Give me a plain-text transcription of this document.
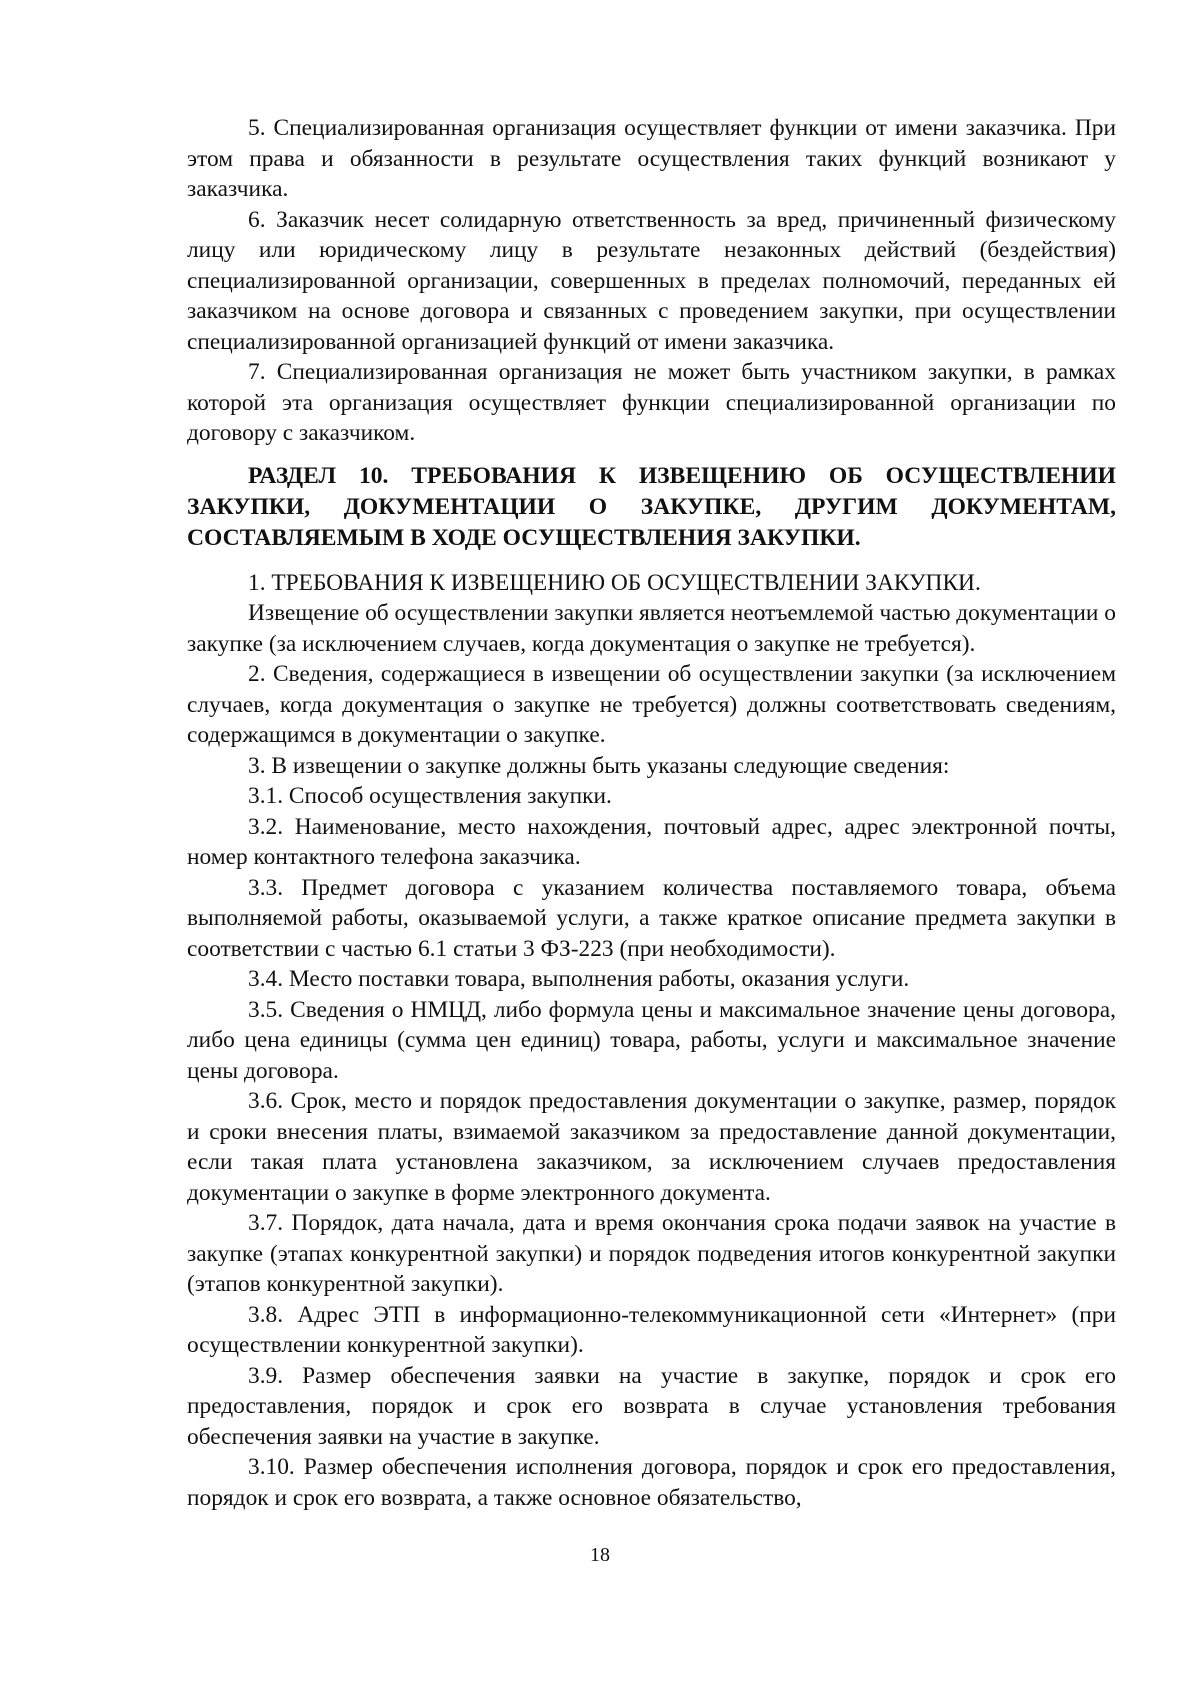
5. Специализированная организация осуществляет функции от имени заказчика. При этом права и обязанности в результате осуществления таких функций возникают у заказчика.

6. Заказчик несет солидарную ответственность за вред, причиненный физическому лицу или юридическому лицу в результате незаконных действий (бездействия) специализированной организации, совершенных в пределах полномочий, переданных ей заказчиком на основе договора и связанных с проведением закупки, при осуществлении специализированной организацией функций от имени заказчика.

7. Специализированная организация не может быть участником закупки, в рамках которой эта организация осуществляет функции специализированной организации по договору с заказчиком.

РАЗДЕЛ 10. ТРЕБОВАНИЯ К ИЗВЕЩЕНИЮ ОБ ОСУЩЕСТВЛЕНИИ ЗАКУПКИ, ДОКУМЕНТАЦИИ О ЗАКУПКЕ, ДРУГИМ ДОКУМЕНТАМ, СОСТАВЛЯЕМЫМ В ХОДЕ ОСУЩЕСТВЛЕНИЯ ЗАКУПКИ.

1. ТРЕБОВАНИЯ К ИЗВЕЩЕНИЮ ОБ ОСУЩЕСТВЛЕНИИ ЗАКУПКИ.

Извещение об осуществлении закупки является неотъемлемой частью документации о закупке (за исключением случаев, когда документация о закупке не требуется).

2. Сведения, содержащиеся в извещении об осуществлении закупки (за исключением случаев, когда документация о закупке не требуется) должны соответствовать сведениям, содержащимся в документации о закупке.

3. В извещении о закупке должны быть указаны следующие сведения:

3.1. Способ осуществления закупки.

3.2. Наименование, место нахождения, почтовый адрес, адрес электронной почты, номер контактного телефона заказчика.

3.3. Предмет договора с указанием количества поставляемого товара, объема выполняемой работы, оказываемой услуги, а также краткое описание предмета закупки в соответствии с частью 6.1 статьи 3 ФЗ-223 (при необходимости).

3.4. Место поставки товара, выполнения работы, оказания услуги.

3.5. Сведения о НМЦД, либо формула цены и максимальное значение цены договора, либо цена единицы (сумма цен единиц) товара, работы, услуги и максимальное значение цены договора.

3.6. Срок, место и порядок предоставления документации о закупке, размер, порядок и сроки внесения платы, взимаемой заказчиком за предоставление данной документации, если такая плата установлена заказчиком, за исключением случаев предоставления документации о закупке в форме электронного документа.

3.7. Порядок, дата начала, дата и время окончания срока подачи заявок на участие в закупке (этапах конкурентной закупки) и порядок подведения итогов конкурентной закупки (этапов конкурентной закупки).

3.8. Адрес ЭТП в информационно-телекоммуникационной сети «Интернет» (при осуществлении конкурентной закупки).

3.9. Размер обеспечения заявки на участие в закупке, порядок и срок его предоставления, порядок и срок его возврата в случае установления требования обеспечения заявки на участие в закупке.

3.10. Размер обеспечения исполнения договора, порядок и срок его предоставления, порядок и срок его возврата, а также основное обязательство,

18
